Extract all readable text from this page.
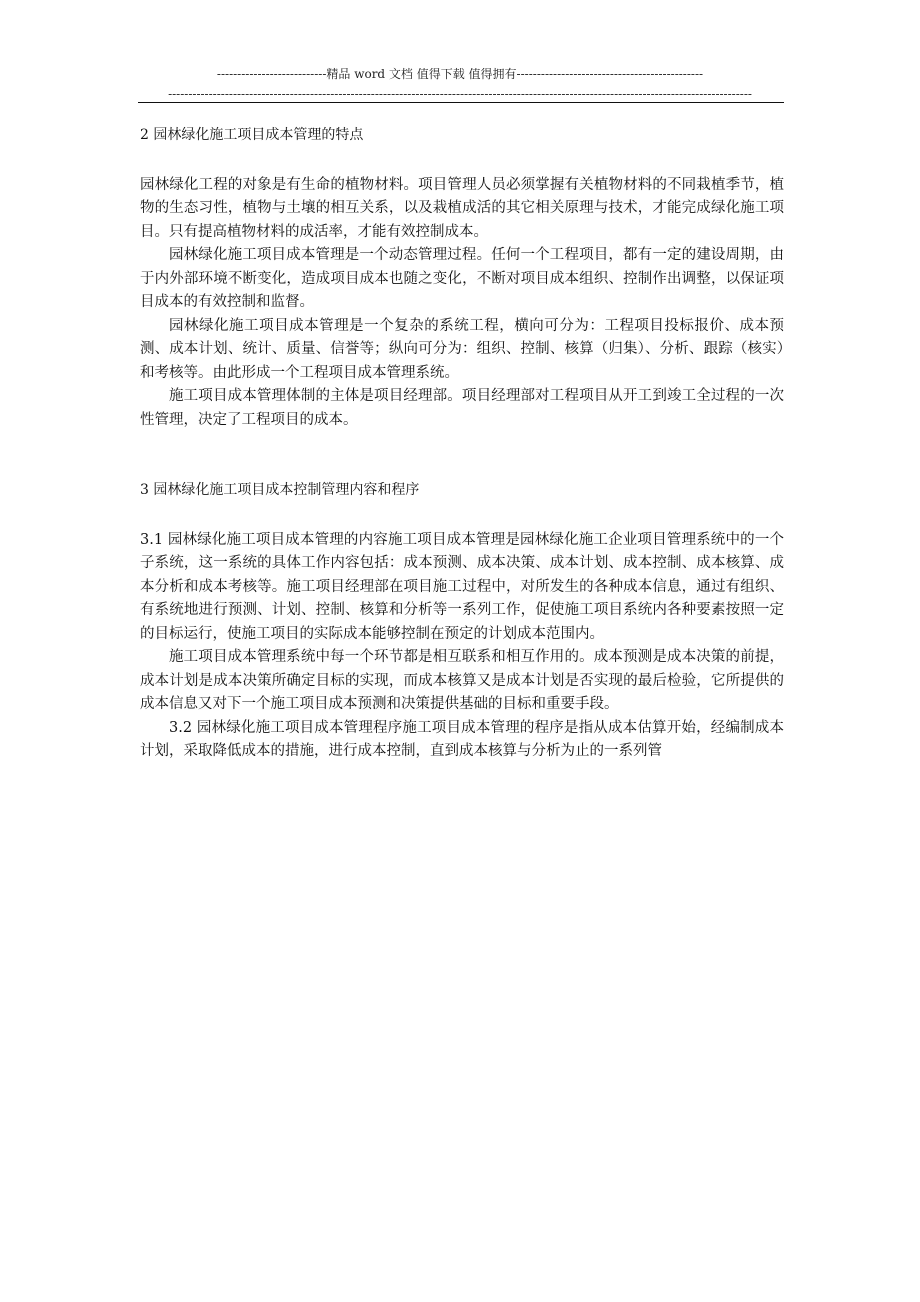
---------------------------精品 word 文档 值得下载 值得拥有----------------------------------------------
------------------------------------------------------------------------------------------------------------------------------------------------
2 园林绿化施工项目成本管理的特点

园林绿化工程的对象是有生命的植物材料。项目管理人员必须掌握有关植物材料的不同栽植季节，植物的生态习性，植物与土壤的相互关系，以及栽植成活的其它相关原理与技术，才能完成绿化施工项目。只有提高植物材料的成活率，才能有效控制成本。

园林绿化施工项目成本管理是一个动态管理过程。任何一个工程项目，都有一定的建设周期，由于内外部环境不断变化，造成项目成本也随之变化，不断对项目成本组织、控制作出调整，以保证项目成本的有效控制和监督。

园林绿化施工项目成本管理是一个复杂的系统工程，横向可分为：工程项目投标报价、成本预测、成本计划、统计、质量、信誉等；纵向可分为：组织、控制、核算（归集）、分析、跟踪（核实）和考核等。由此形成一个工程项目成本管理系统。

施工项目成本管理体制的主体是项目经理部。项目经理部对工程项目从开工到竣工全过程的一次性管理，决定了工程项目的成本。

3 园林绿化施工项目成本控制管理内容和程序

3.1 园林绿化施工项目成本管理的内容施工项目成本管理是园林绿化施工企业项目管理系统中的一个子系统，这一系统的具体工作内容包括：成本预测、成本决策、成本计划、成本控制、成本核算、成本分析和成本考核等。施工项目经理部在项目施工过程中，对所发生的各种成本信息，通过有组织、有系统地进行预测、计划、控制、核算和分析等一系列工作，促使施工项目系统内各种要素按照一定的目标运行，使施工项目的实际成本能够控制在预定的计划成本范围内。

施工项目成本管理系统中每一个环节都是相互联系和相互作用的。成本预测是成本决策的前提，成本计划是成本决策所确定目标的实现，而成本核算又是成本计划是否实现的最后检验，它所提供的成本信息又对下一个施工项目成本预测和决策提供基础的目标和重要手段。

3.2 园林绿化施工项目成本管理程序施工项目成本管理的程序是指从成本估算开始，经编制成本计划，采取降低成本的措施，进行成本控制，直到成本核算与分析为止的一系列管
